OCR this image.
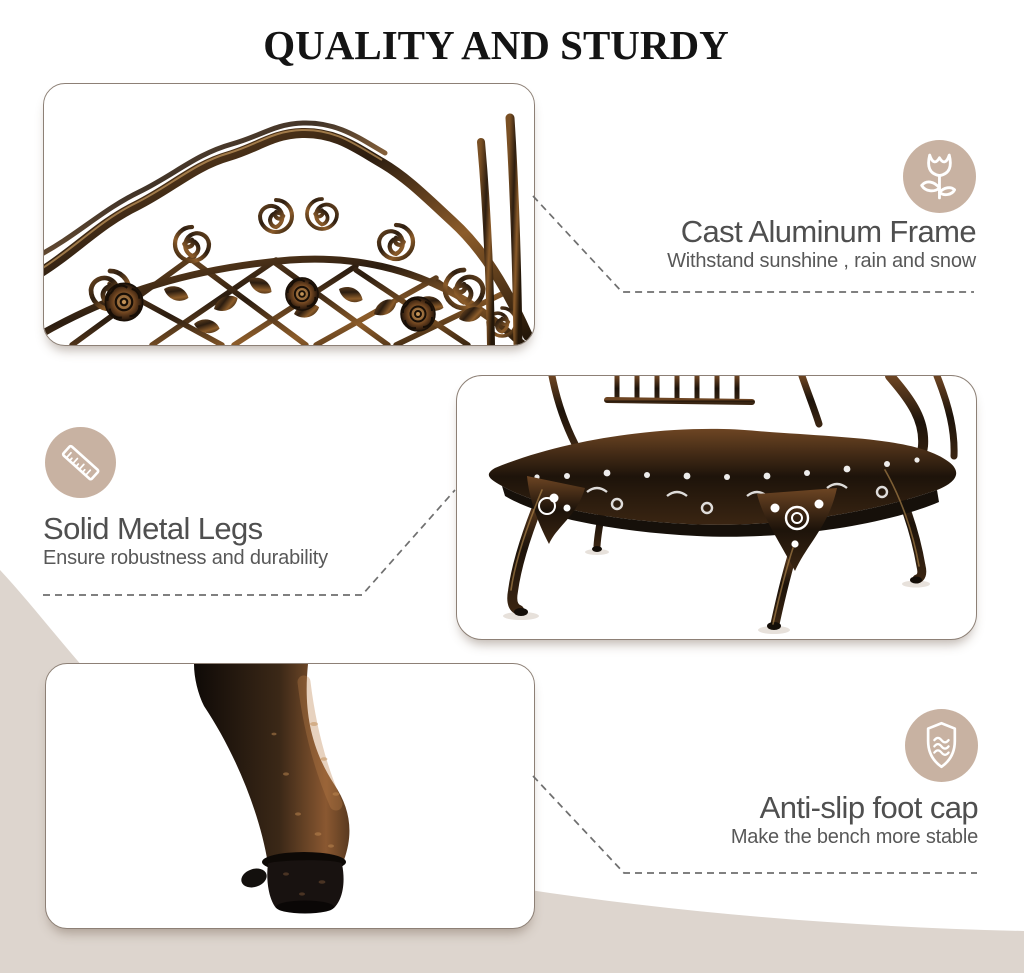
QUALITY AND STURDY
Cast Aluminum Frame
Withstand sunshine , rain and snow
Solid Metal Legs
Ensure robustness and durability
Anti-slip foot cap
Make the bench more stable
